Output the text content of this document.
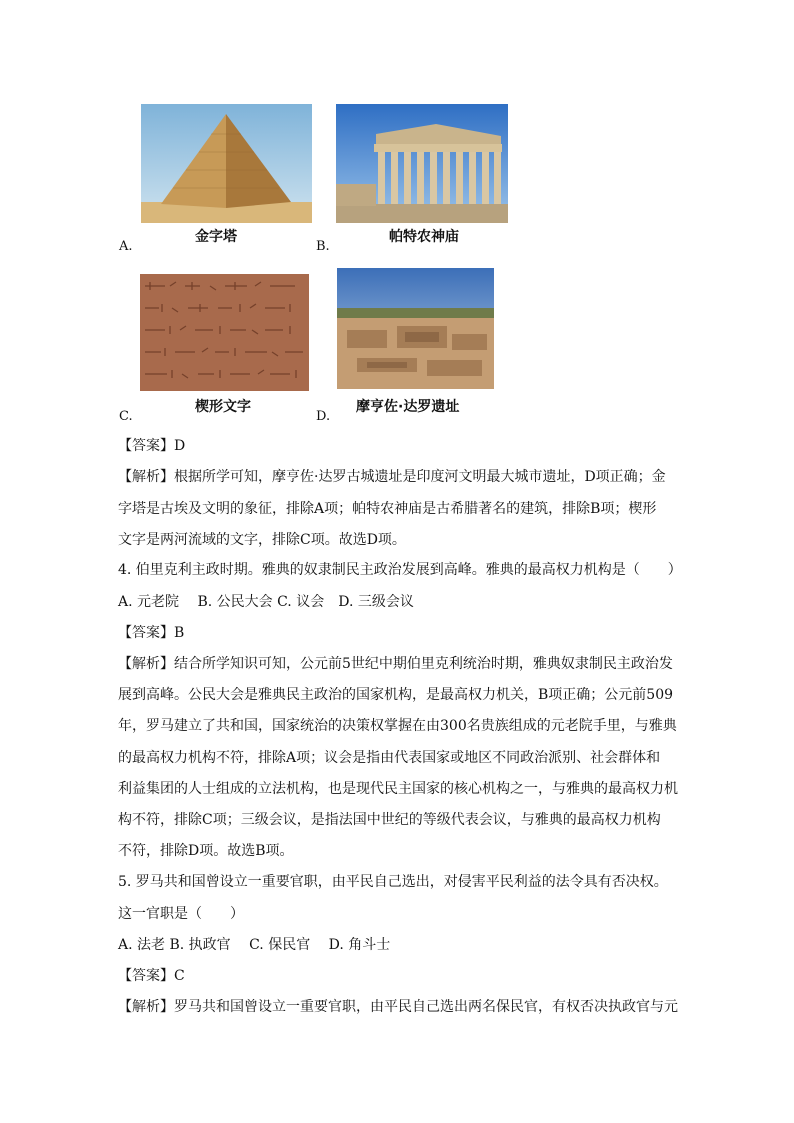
A.
金字塔
B.
帕特农神庙
C.
楔形文字
D.
摩亨佐·达罗遗址
【答案】D
【解析】根据所学可知，摩亨佐·达罗古城遗址是印度河文明最大城市遗址，D项正确；金
字塔是古埃及文明的象征，排除A项；帕特农神庙是古希腊著名的建筑，排除B项；楔形
文字是两河流域的文字，排除C项。故选D项。
4. 伯里克利主政时期。雅典的奴隶制民主政治发展到高峰。雅典的最高权力机构是（　　）
A. 元老院　 B. 公民大会 C. 议会　D. 三级会议
【答案】B
【解析】结合所学知识可知，公元前5世纪中期伯里克利统治时期，雅典奴隶制民主政治发
展到高峰。公民大会是雅典民主政治的国家机构，是最高权力机关，B项正确；公元前509
年，罗马建立了共和国，国家统治的决策权掌握在由300名贵族组成的元老院手里，与雅典
的最高权力机构不符，排除A项；议会是指由代表国家或地区不同政治派别、社会群体和
利益集团的人士组成的立法机构，也是现代民主国家的核心机构之一，与雅典的最高权力机
构不符，排除C项；三级会议，是指法国中世纪的等级代表会议，与雅典的最高权力机构
不符，排除D项。故选B项。
5. 罗马共和国曾设立一重要官职，由平民自己选出，对侵害平民利益的法令具有否决权。
这一官职是（　　）
A. 法老 B. 执政官　 C. 保民官　 D. 角斗士
【答案】C
【解析】罗马共和国曾设立一重要官职，由平民自己选出两名保民官，有权否决执政官与元
